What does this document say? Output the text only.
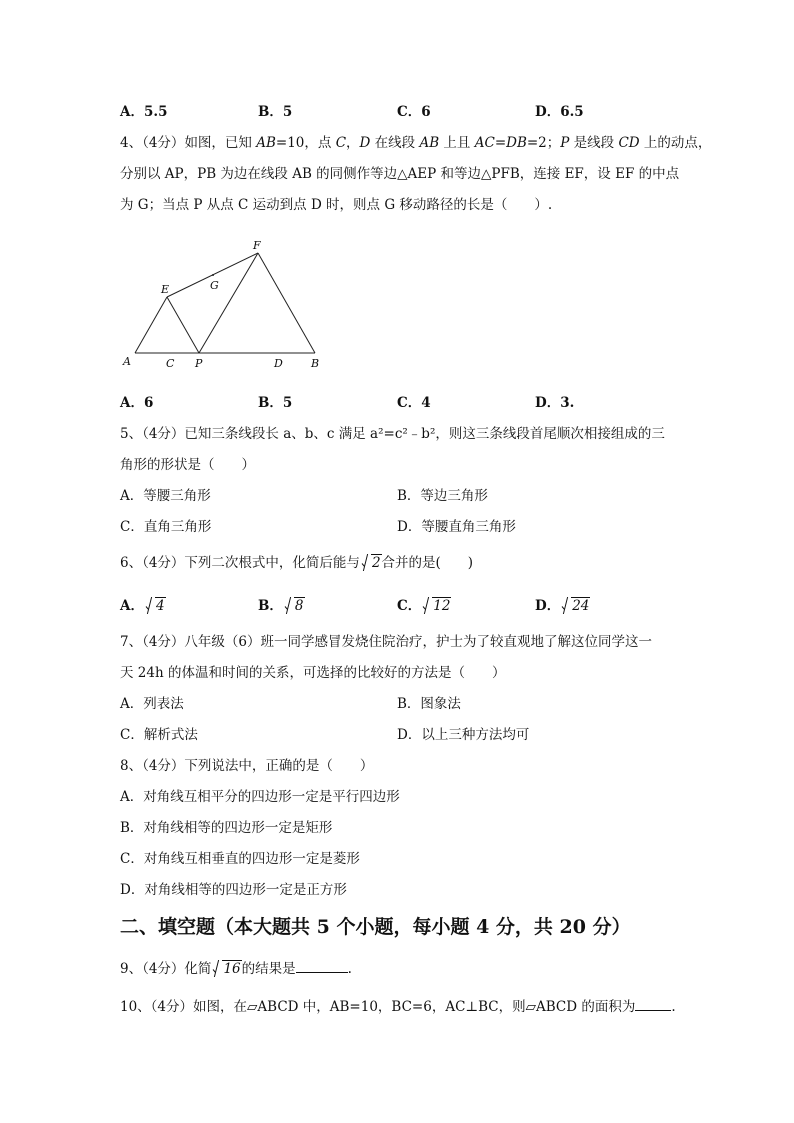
A．5.5	B．5	C．6	D．6.5
4、（4分）如图，已知 AB=10，点 C，D 在线段 AB 上且 AC=DB=2；P 是线段 CD 上的动点，
分别以 AP，PB 为边在线段 AB 的同侧作等边△AEP 和等边△PFB，连接 EF，设 EF 的中点
为 G；当点 P 从点 C 运动到点 D 时，则点 G 移动路径的长是（　　）.
A	C P	D	B
E
F
G
A．6	B．5	C．4	D．3.
5、（4分）已知三条线段长 a、b、c 满足 a²=c²﹣b²，则这三条线段首尾顺次相接组成的三
角形的形状是（　　）
A．等腰三角形	B．等边三角形
C．直角三角形	D．等腰直角三角形
6、（4分）下列二次根式中，化简后能与 2合并的是(　　)
A． 4	B． 8	C． 12	D． 24
7、（4分）八年级（6）班一同学感冒发烧住院治疗，护士为了较直观地了解这位同学这一
天 24h 的体温和时间的关系，可选择的比较好的方法是（　　）
A．列表法	B．图象法
C．解析式法	D．以上三种方法均可
8、（4分）下列说法中，正确的是（　　）
A．对角线互相平分的四边形一定是平行四边形
B．对角线相等的四边形一定是矩形
C．对角线互相垂直的四边形一定是菱形
D．对角线相等的四边形一定是正方形
二、填空题（本大题共 5 个小题，每小题 4 分，共 20 分）
9、（4分）化简 16的结果是	.
10、（4分）如图，在▱ABCD 中，AB=10，BC=6，AC⊥BC，则▱ABCD 的面积为	.
